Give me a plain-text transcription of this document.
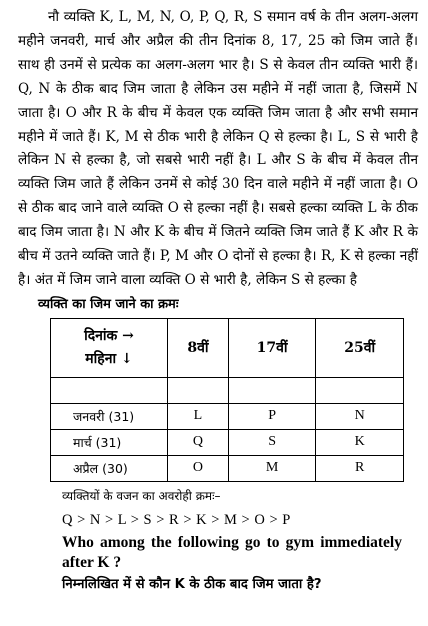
नौ व्यक्ति K, L, M, N, O, P, Q, R, S समान वर्ष के तीन अलग-अलग महीने जनवरी, मार्च और अप्रैल की तीन दिनांक 8, 17, 25 को जिम जाते हैं। साथ ही उनमें से प्रत्येक का अलग-अलग भार है। S से केवल तीन व्यक्ति भारी हैं। Q, N के ठीक बाद जिम जाता है लेकिन उस महीने में नहीं जाता है, जिसमें N जाता है। O और R के बीच में केवल एक व्यक्ति जिम जाता है और सभी समान महीने में जाते हैं। K, M से ठीक भारी है लेकिन Q से हल्का है। L, S से भारी है लेकिन N से हल्का है, जो सबसे भारी नहीं है। L और S के बीच में केवल तीन व्यक्ति जिम जाते हैं लेकिन उनमें से कोई 30 दिन वाले महीने में नहीं जाता है। O से ठीक बाद जाने वाले व्यक्ति O से हल्का नहीं है। सबसे हल्का व्यक्ति L के ठीक बाद जिम जाता है। N और K के बीच में जितने व्यक्ति जिम जाते हैं K और R के बीच में उतने व्यक्ति जाते हैं। P, M और O दोनों से हल्का है। R, K से हल्का नहीं है। अंत में जिम जाने वाला व्यक्ति O से भारी है, लेकिन S से हल्का है

व्यक्ति का जिम जाने का क्रमः
दिनांक →
महिना ↓	8वीं	17वीं	25वीं

जनवरी (31)	L	P	N
मार्च (31)	Q	S	K
अप्रैल (30)	O	M	R
व्यक्तियों के वजन का अवरोही क्रमः–
Q > N > L > S > R > K > M > O > P
Who among the following go to gym immediately after K ?
निम्नलिखित में से कौन K के ठीक बाद जिम जाता है?
